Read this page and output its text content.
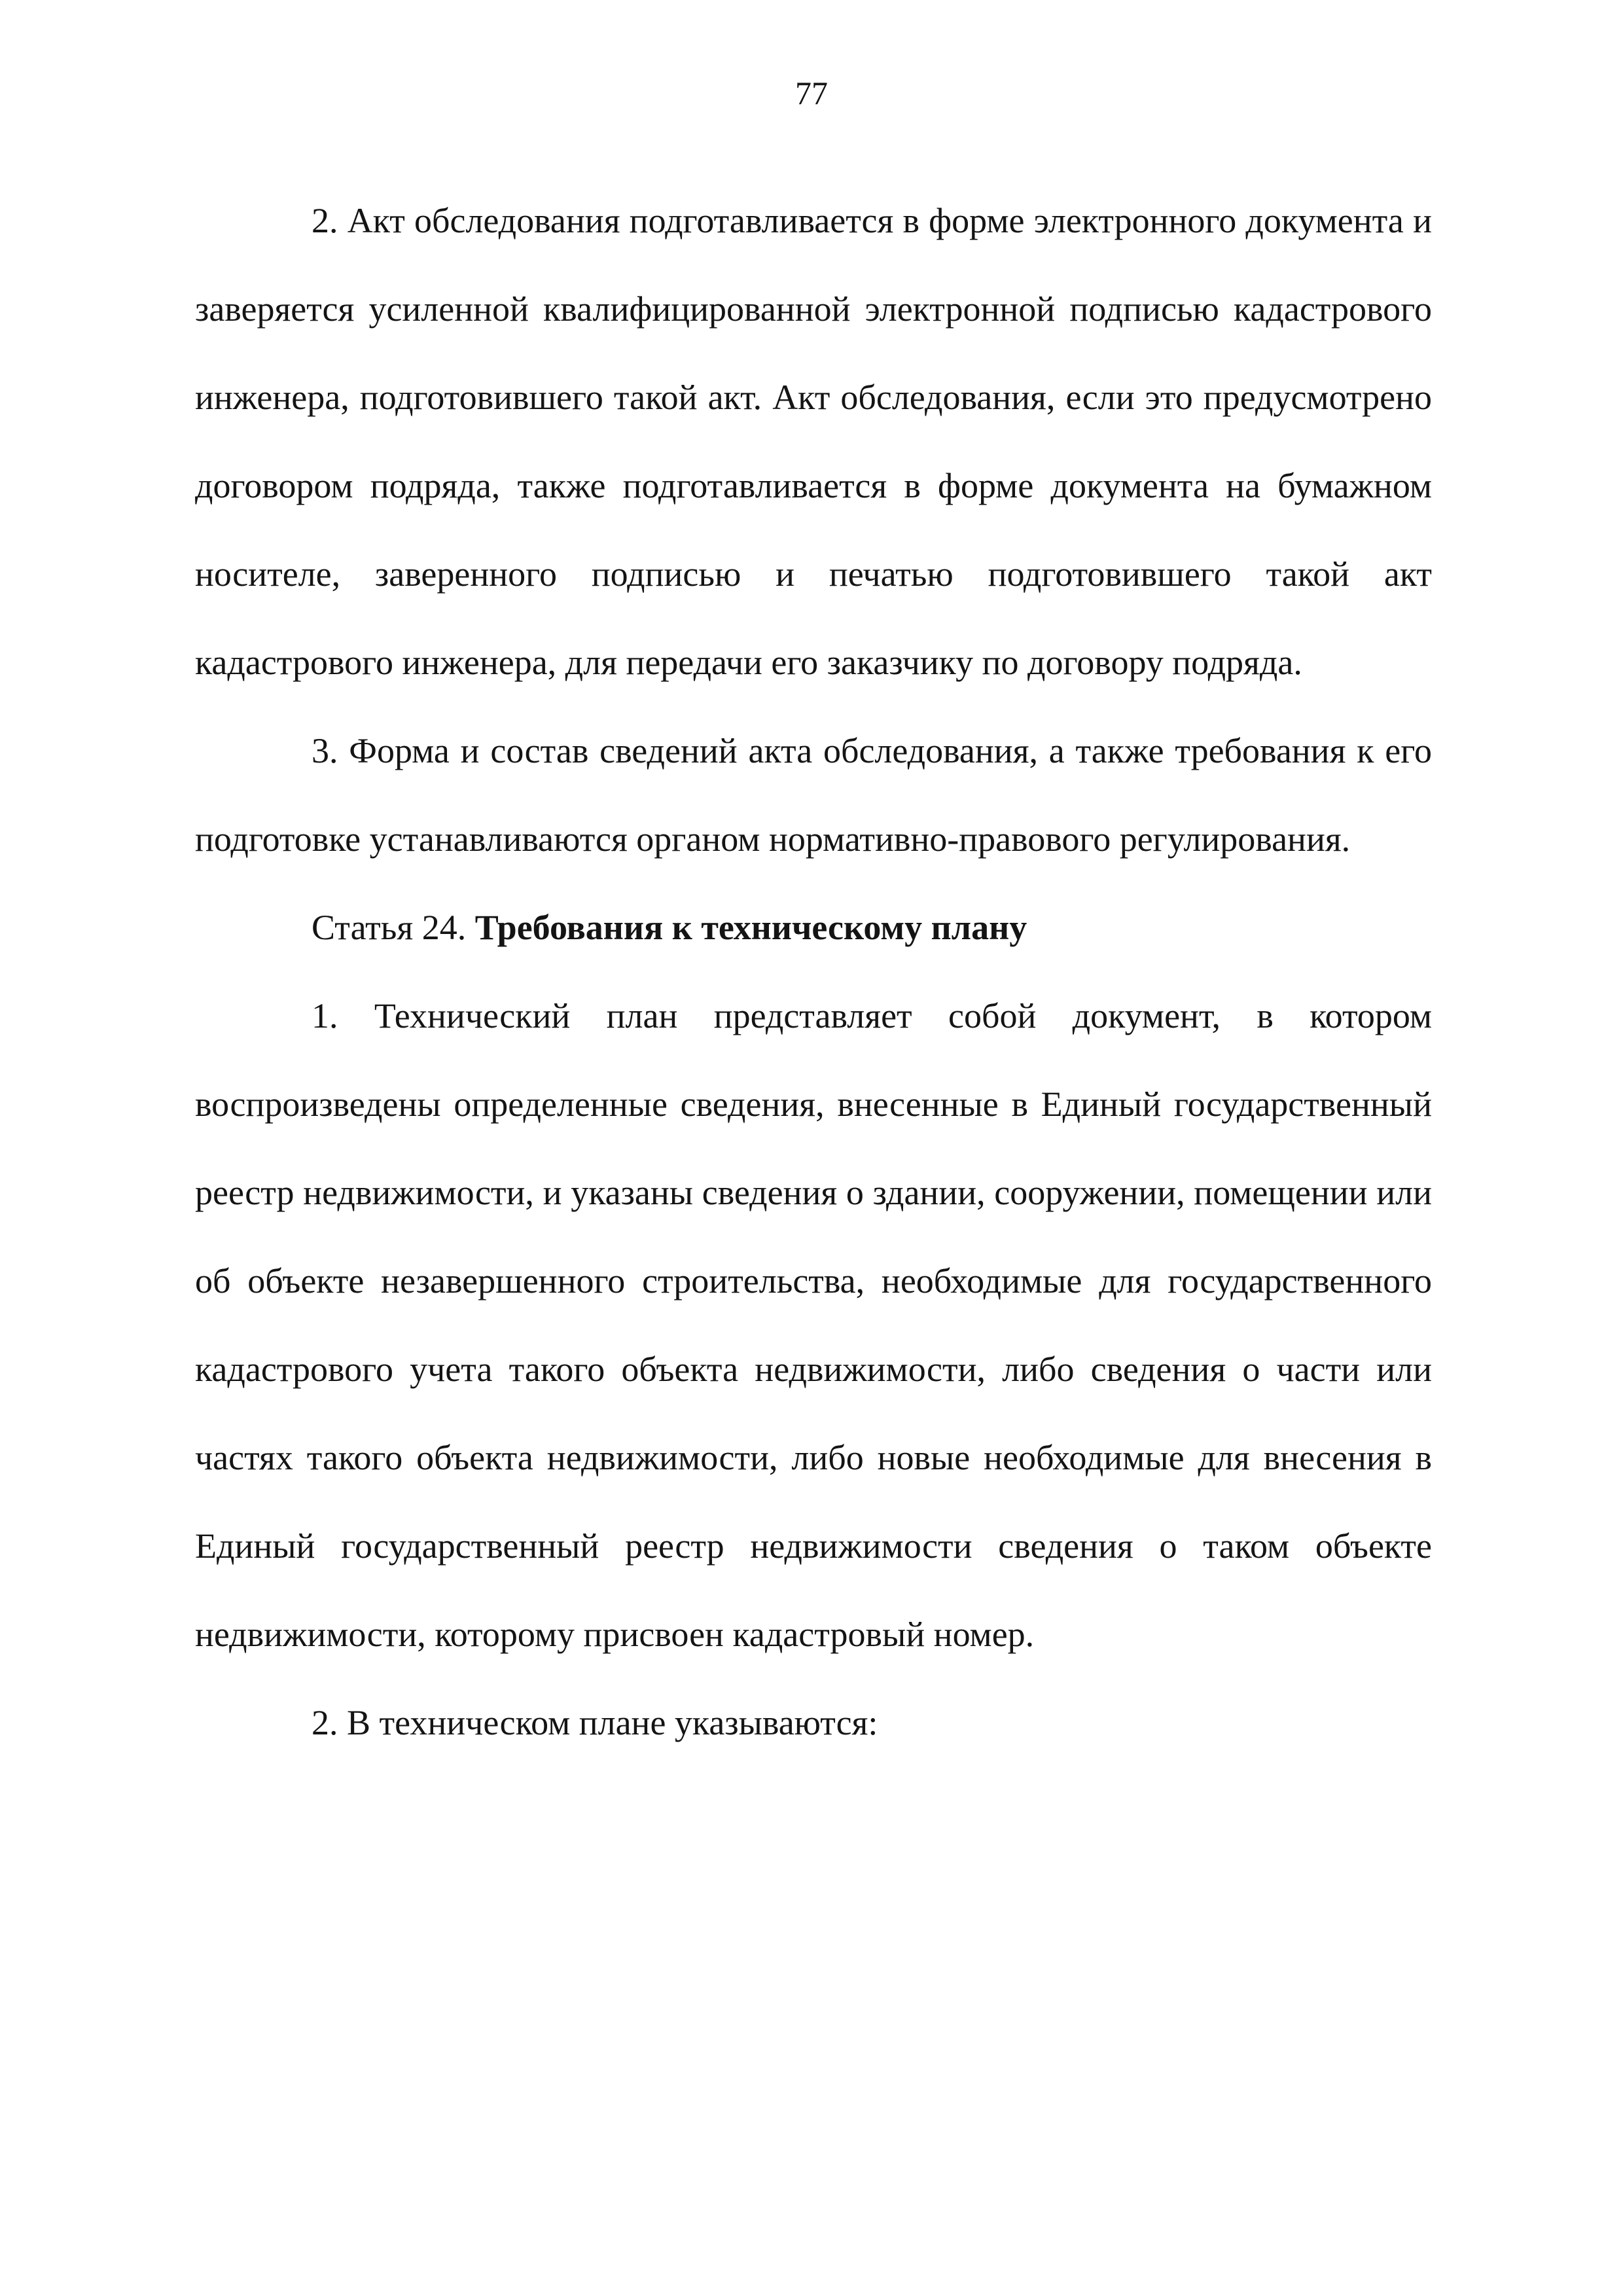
77

2. Акт обследования подготавливается в форме электронного документа и заверяется усиленной квалифицированной электронной подписью кадастрового инженера, подготовившего такой акт. Акт обследования, если это предусмотрено договором подряда, также подготавливается в форме документа на бумажном носителе, заверенного подписью и печатью подготовившего такой акт кадастрового инженера, для передачи его заказчику по договору подряда.

3. Форма и состав сведений акта обследования, а также требования к его подготовке устанавливаются органом нормативно-правового регулирования.

Статья 24. Требования к техническому плану

1. Технический план представляет собой документ, в котором воспроизведены определенные сведения, внесенные в Единый государственный реестр недвижимости, и указаны сведения о здании, сооружении, помещении или об объекте незавершенного строительства, необходимые для государственного кадастрового учета такого объекта недвижимости, либо сведения о части или частях такого объекта недвижимости, либо новые необходимые для внесения в Единый государственный реестр недвижимости сведения о таком объекте недвижимости, которому присвоен кадастровый номер.

2. В техническом плане указываются:
